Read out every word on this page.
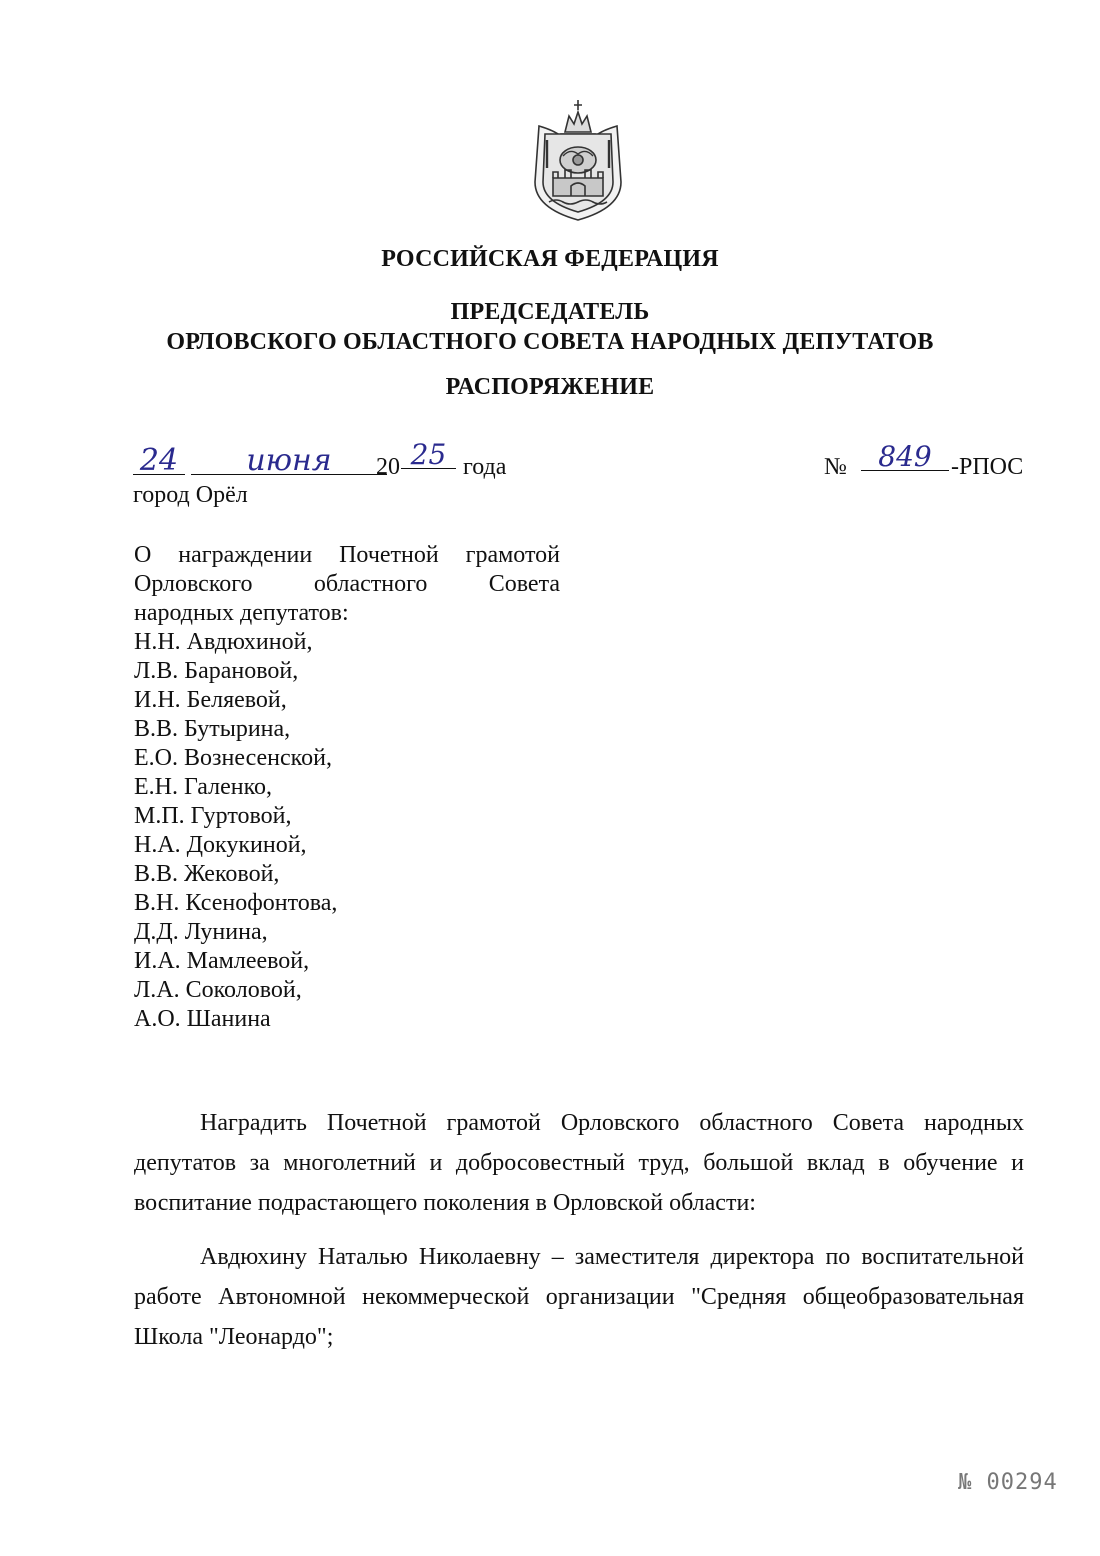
РОССИЙСКАЯ ФЕДЕРАЦИЯ
ПРЕДСЕДАТЕЛЬ
ОРЛОВСКОГО ОБЛАСТНОГО СОВЕТА НАРОДНЫХ ДЕПУТАТОВ
РАСПОРЯЖЕНИЕ
24	июня	20 25 года	№	849 -РПОС
город Орёл
О награждении Почетной грамотой
Орловского областного Совета
народных депутатов:
Н.Н. Авдюхиной,
Л.В. Барановой,
И.Н. Беляевой,
В.В. Бутырина,
Е.О. Вознесенской,
Е.Н. Галенко,
М.П. Гуртовой,
Н.А. Докукиной,
В.В. Жековой,
В.Н. Ксенофонтова,
Д.Д. Лунина,
И.А. Мамлеевой,
Л.А. Соколовой,
А.О. Шанина

Наградить Почетной грамотой Орловского областного Совета народных депутатов за многолетний и добросовестный труд, большой вклад в обучение и воспитание подрастающего поколения в Орловской области:

Авдюхину Наталью Николаевну – заместителя директора по воспитательной работе Автономной некоммерческой организации "Средняя общеобразовательная Школа "Леонардо";

№ 00294
